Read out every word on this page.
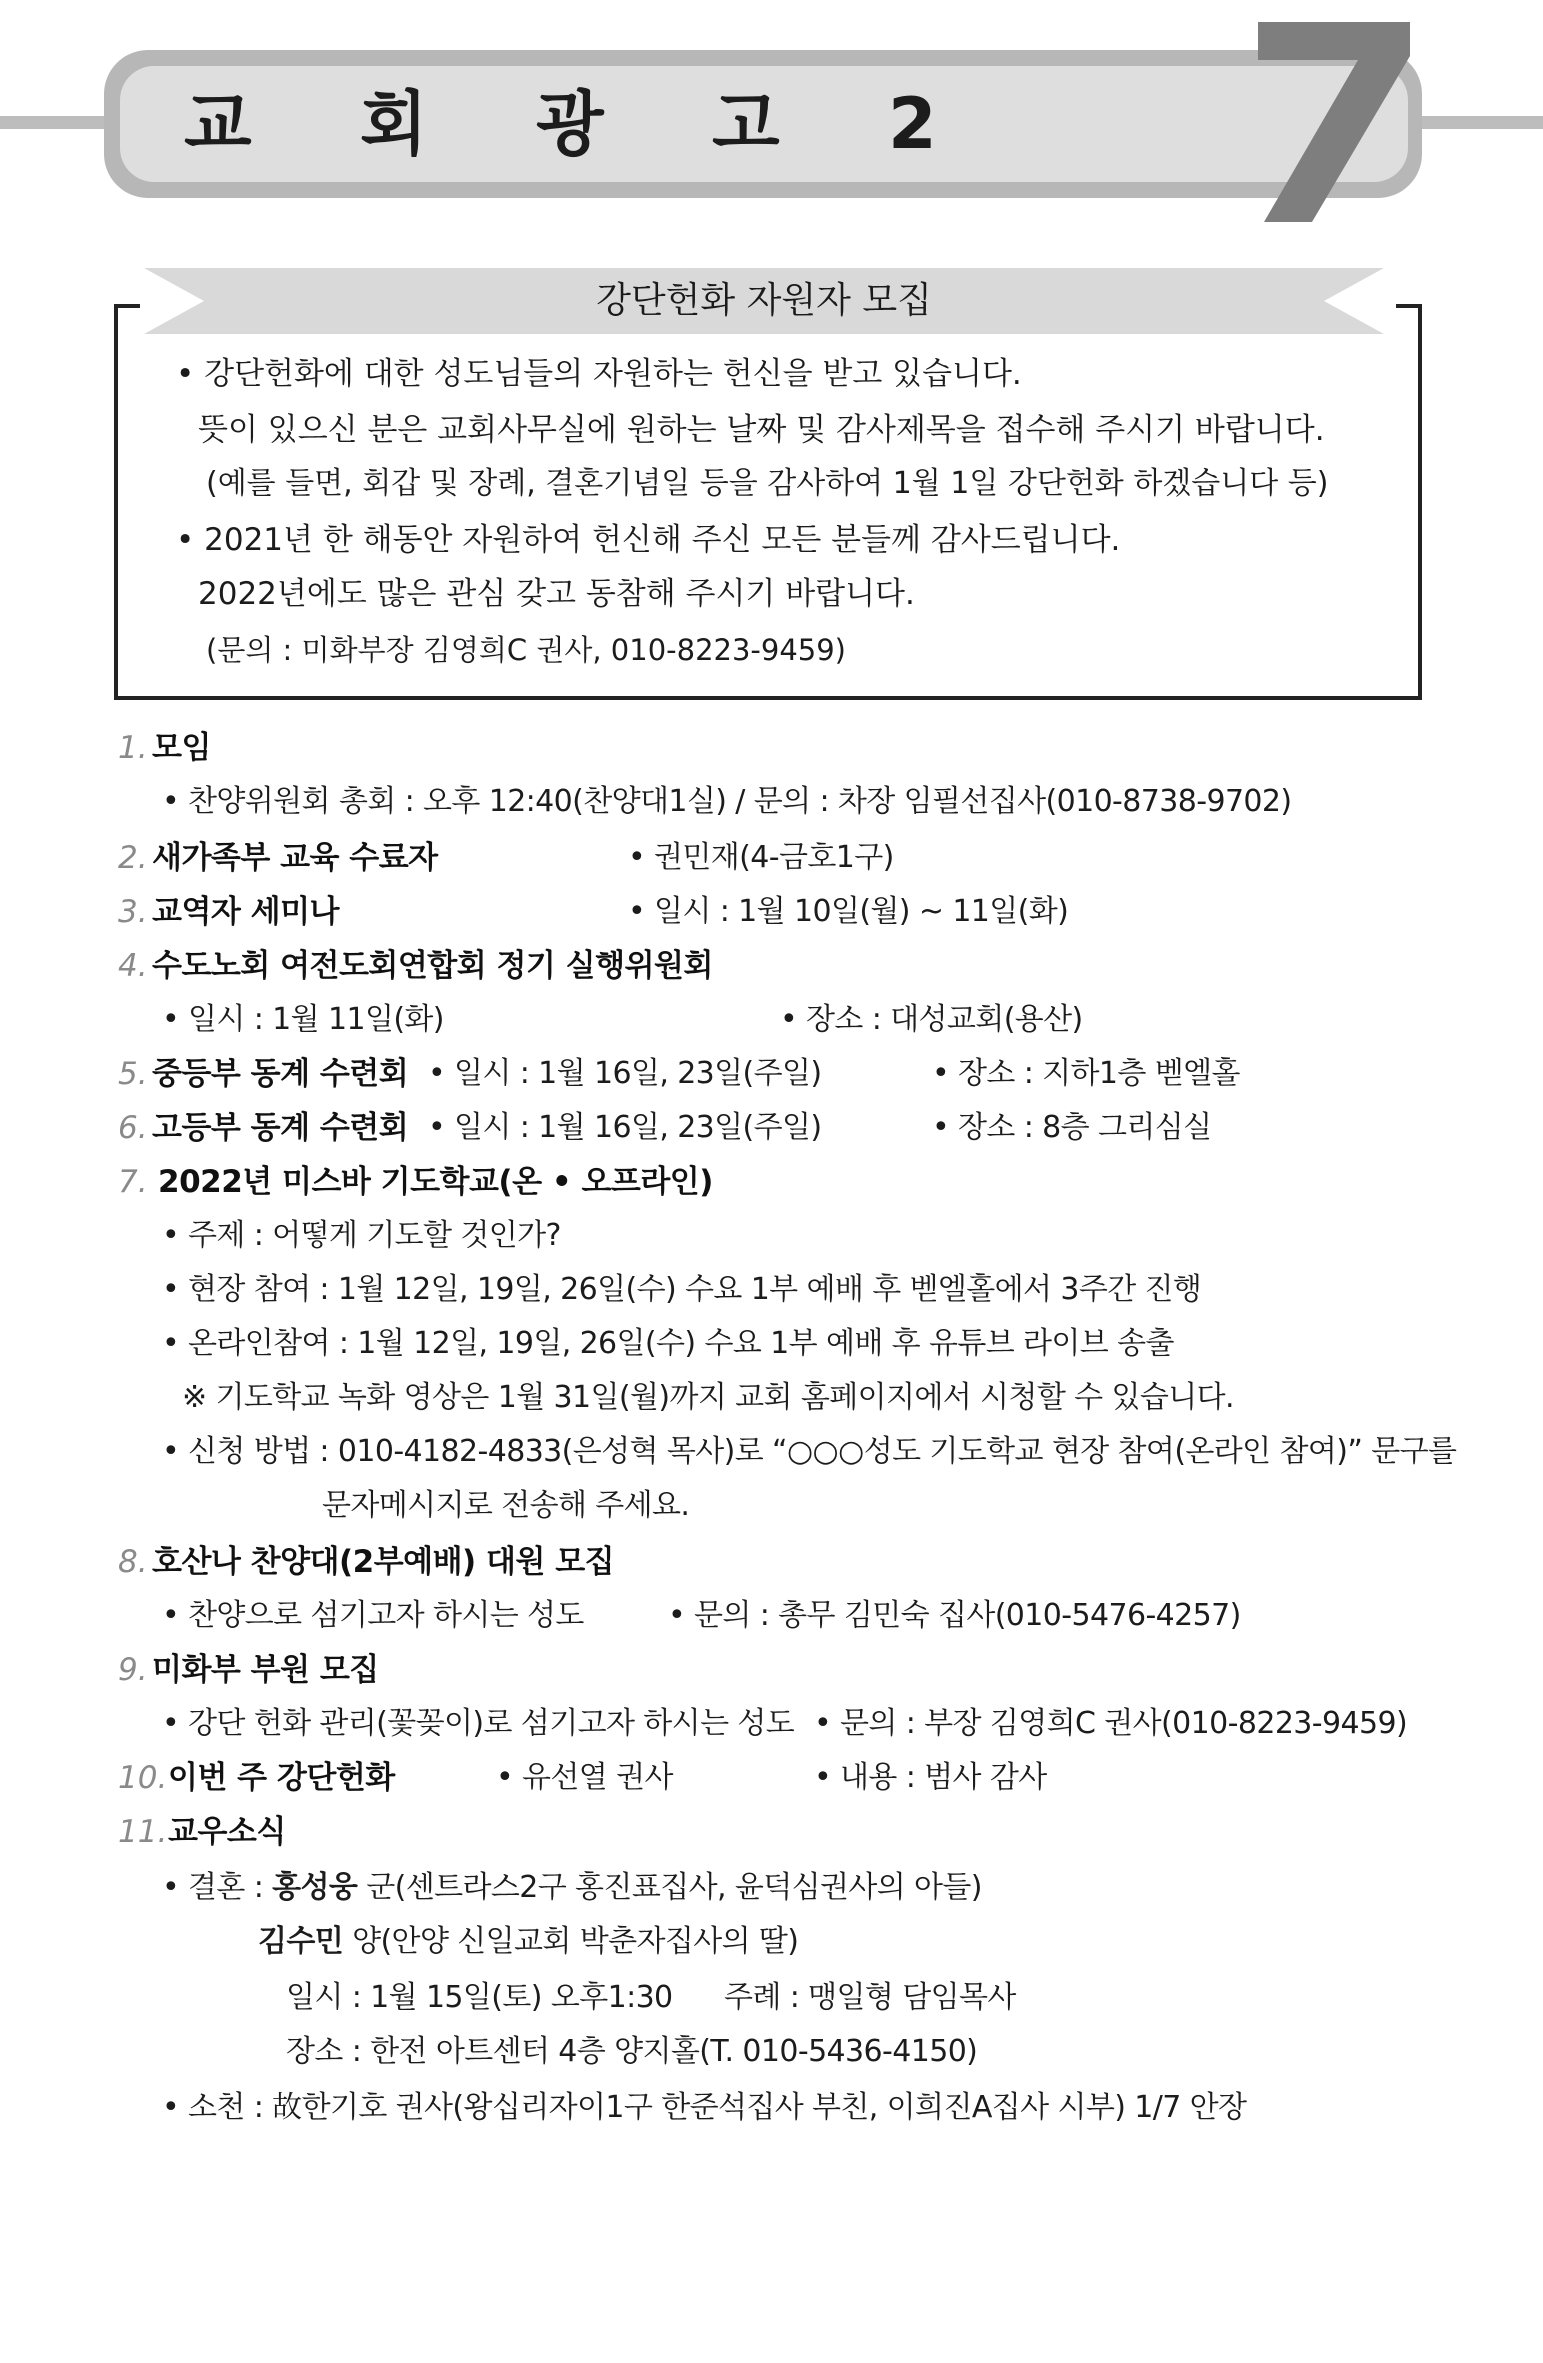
교 회 광 고 2
7
강단헌화 자원자 모집
• 강단헌화에 대한 성도님들의 자원하는 헌신을 받고 있습니다.
뜻이 있으신 분은 교회사무실에 원하는 날짜 및 감사제목을 접수해 주시기 바랍니다.
(예를 들면, 회갑 및 장례, 결혼기념일 등을 감사하여 1월 1일 강단헌화 하겠습니다 등)
• 2021년 한 해동안 자원하여 헌신해 주신 모든 분들께 감사드립니다.
2022년에도 많은 관심 갖고 동참해 주시기 바랍니다.
(문의 : 미화부장 김영희C 권사, 010-8223-9459)
1. 모임
• 찬양위원회 총회 : 오후 12:40(찬양대1실) / 문의 : 차장 임필선집사(010-8738-9702)
2. 새가족부 교육 수료자	• 권민재(4-금호1구)
3. 교역자 세미나	• 일시 : 1월 10일(월) ~ 11일(화)
4. 수도노회 여전도회연합회 정기 실행위원회
• 일시 : 1월 11일(화)	• 장소 : 대성교회(용산)
5. 중등부 동계 수련회 • 일시 : 1월 16일, 23일(주일)	• 장소 : 지하1층 벧엘홀
6. 고등부 동계 수련회 • 일시 : 1월 16일, 23일(주일)	• 장소 : 8층 그리심실
7. 2022년 미스바 기도학교(온 • 오프라인)
• 주제 : 어떻게 기도할 것인가?
• 현장 참여 : 1월 12일, 19일, 26일(수) 수요 1부 예배 후 벧엘홀에서 3주간 진행
• 온라인참여 : 1월 12일, 19일, 26일(수) 수요 1부 예배 후 유튜브 라이브 송출
※ 기도학교 녹화 영상은 1월 31일(월)까지 교회 홈페이지에서 시청할 수 있습니다.
• 신청 방법 : 010-4182-4833(은성혁 목사)로 “○○○성도 기도학교 현장 참여(온라인 참여)” 문구를
문자메시지로 전송해 주세요.
8. 호산나 찬양대(2부예배) 대원 모집
• 찬양으로 섬기고자 하시는 성도	• 문의 : 총무 김민숙 집사(010-5476-4257)
9. 미화부 부원 모집
• 강단 헌화 관리(꽃꽂이)로 섬기고자 하시는 성도 • 문의 : 부장 김영희C 권사(010-8223-9459)
10. 이번 주 강단헌화	• 유선열 권사	• 내용 : 범사 감사
11. 교우소식
• 결혼 : 홍성웅 군(센트라스2구 홍진표집사, 윤덕심권사의 아들)
김수민 양(안양 신일교회 박춘자집사의 딸)
일시 : 1월 15일(토) 오후1:30 주례 : 맹일형 담임목사
장소 : 한전 아트센터 4층 양지홀(T. 010-5436-4150)
• 소천 : 故한기호 권사(왕십리자이1구 한준석집사 부친, 이희진A집사 시부) 1/7 안장
